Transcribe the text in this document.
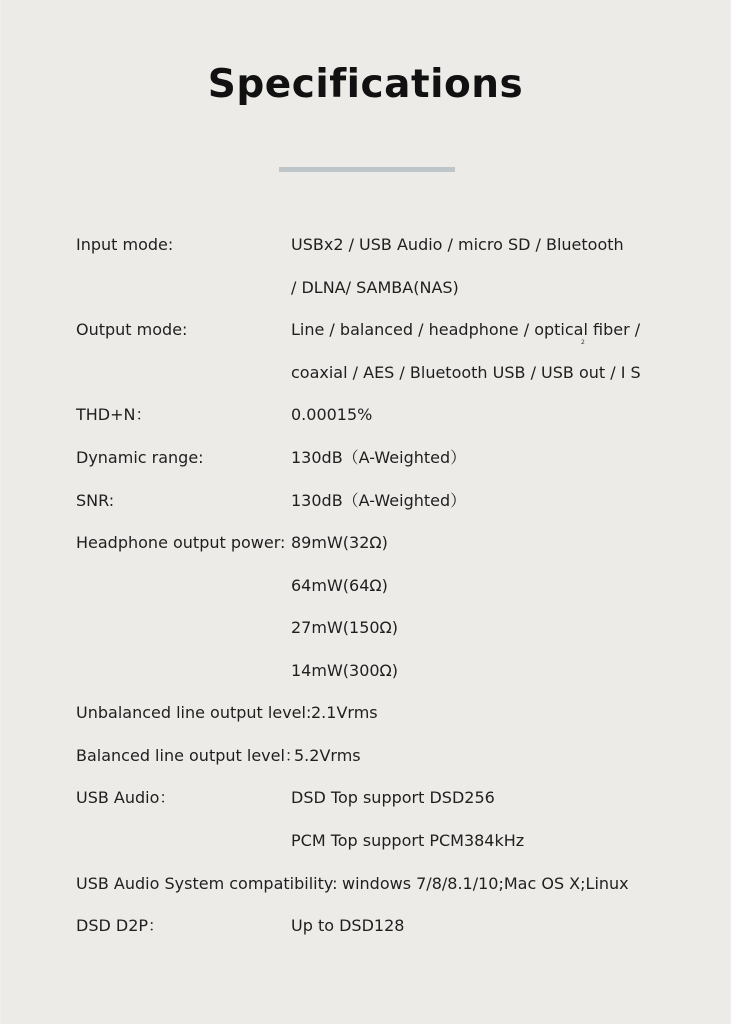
Specifications
Input mode:	USBx2 / USB Audio / micro SD / Bluetooth
/ DLNA/ SAMBA(NAS)
Output mode:	Line / balanced / headphone / optical fiber /
2
coaxial / AES / Bluetooth USB / USB out / I S
THD+N：	0.00015%
Dynamic range:	130dB（A-Weighted）
SNR:	130dB（A-Weighted）
Headphone output power: 89mW(32Ω)
64mW(64Ω)
27mW(150Ω)
14mW(300Ω)
Unbalanced line output level: 2.1Vrms
Balanced line output level：
5.2Vrms
USB Audio：	DSD Top support DSD256
PCM Top support PCM384kHz
USB Audio System compatibility: windows 7/8/8.1/10;Mac OS X;Linux
DSD D2P：	Up to DSD128
